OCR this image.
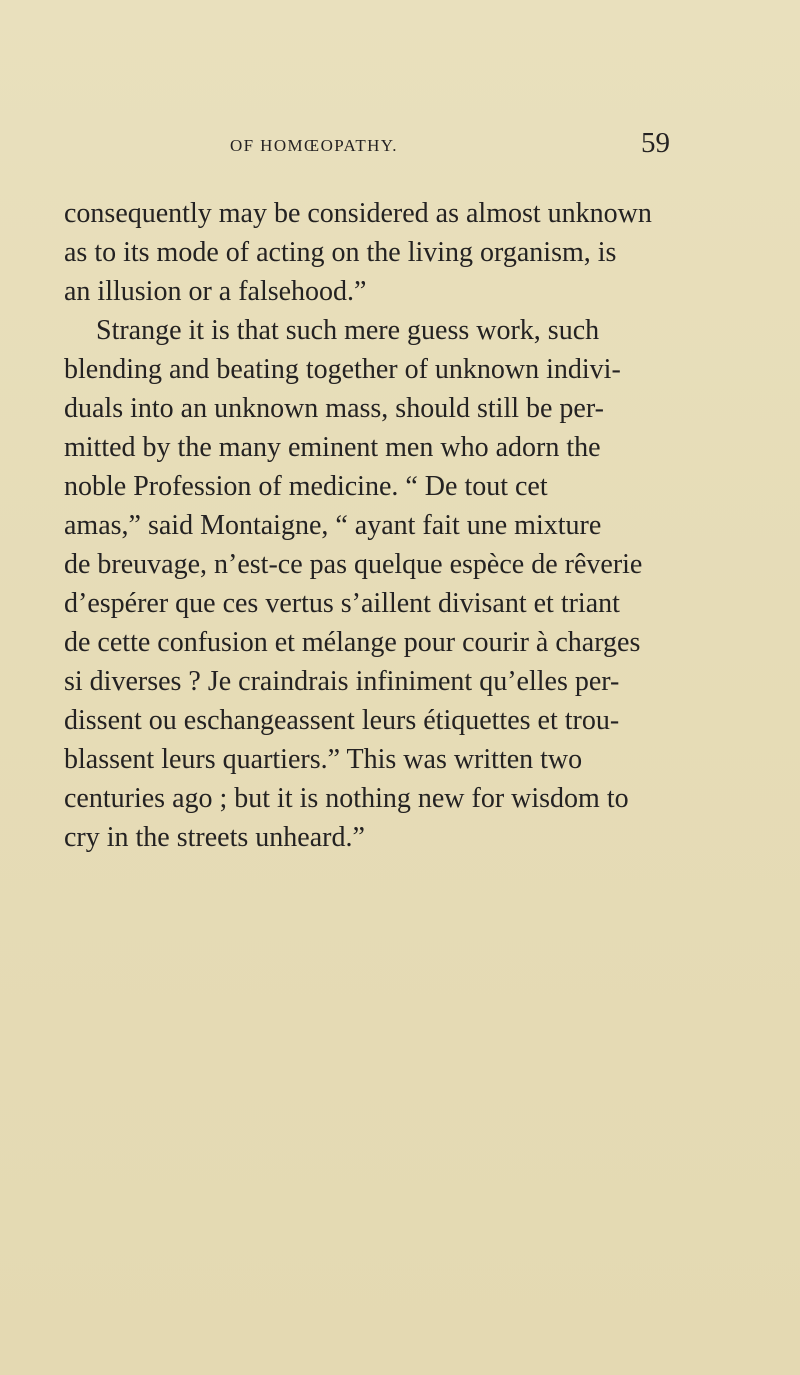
OF HOMŒOPATHY.	59
consequently may be considered as almost unknown
as to its mode of acting on the living organism, is
an illusion or a falsehood.”
Strange it is that such mere guess work, such
blending and beating together of unknown indivi-
duals into an unknown mass, should still be per-
mitted by the many eminent men who adorn the
noble Profession of medicine. “ De tout cet
amas,” said Montaigne, “ ayant fait une mixture
de breuvage, n’est-ce pas quelque espèce de rêverie
d’espérer que ces vertus s’aillent divisant et triant
de cette confusion et mélange pour courir à charges
si diverses ? Je craindrais infiniment qu’elles per-
dissent ou eschangeassent leurs étiquettes et trou-
blassent leurs quartiers.” This was written two
centuries ago ; but it is nothing new for wisdom to
cry in the streets unheard.”
